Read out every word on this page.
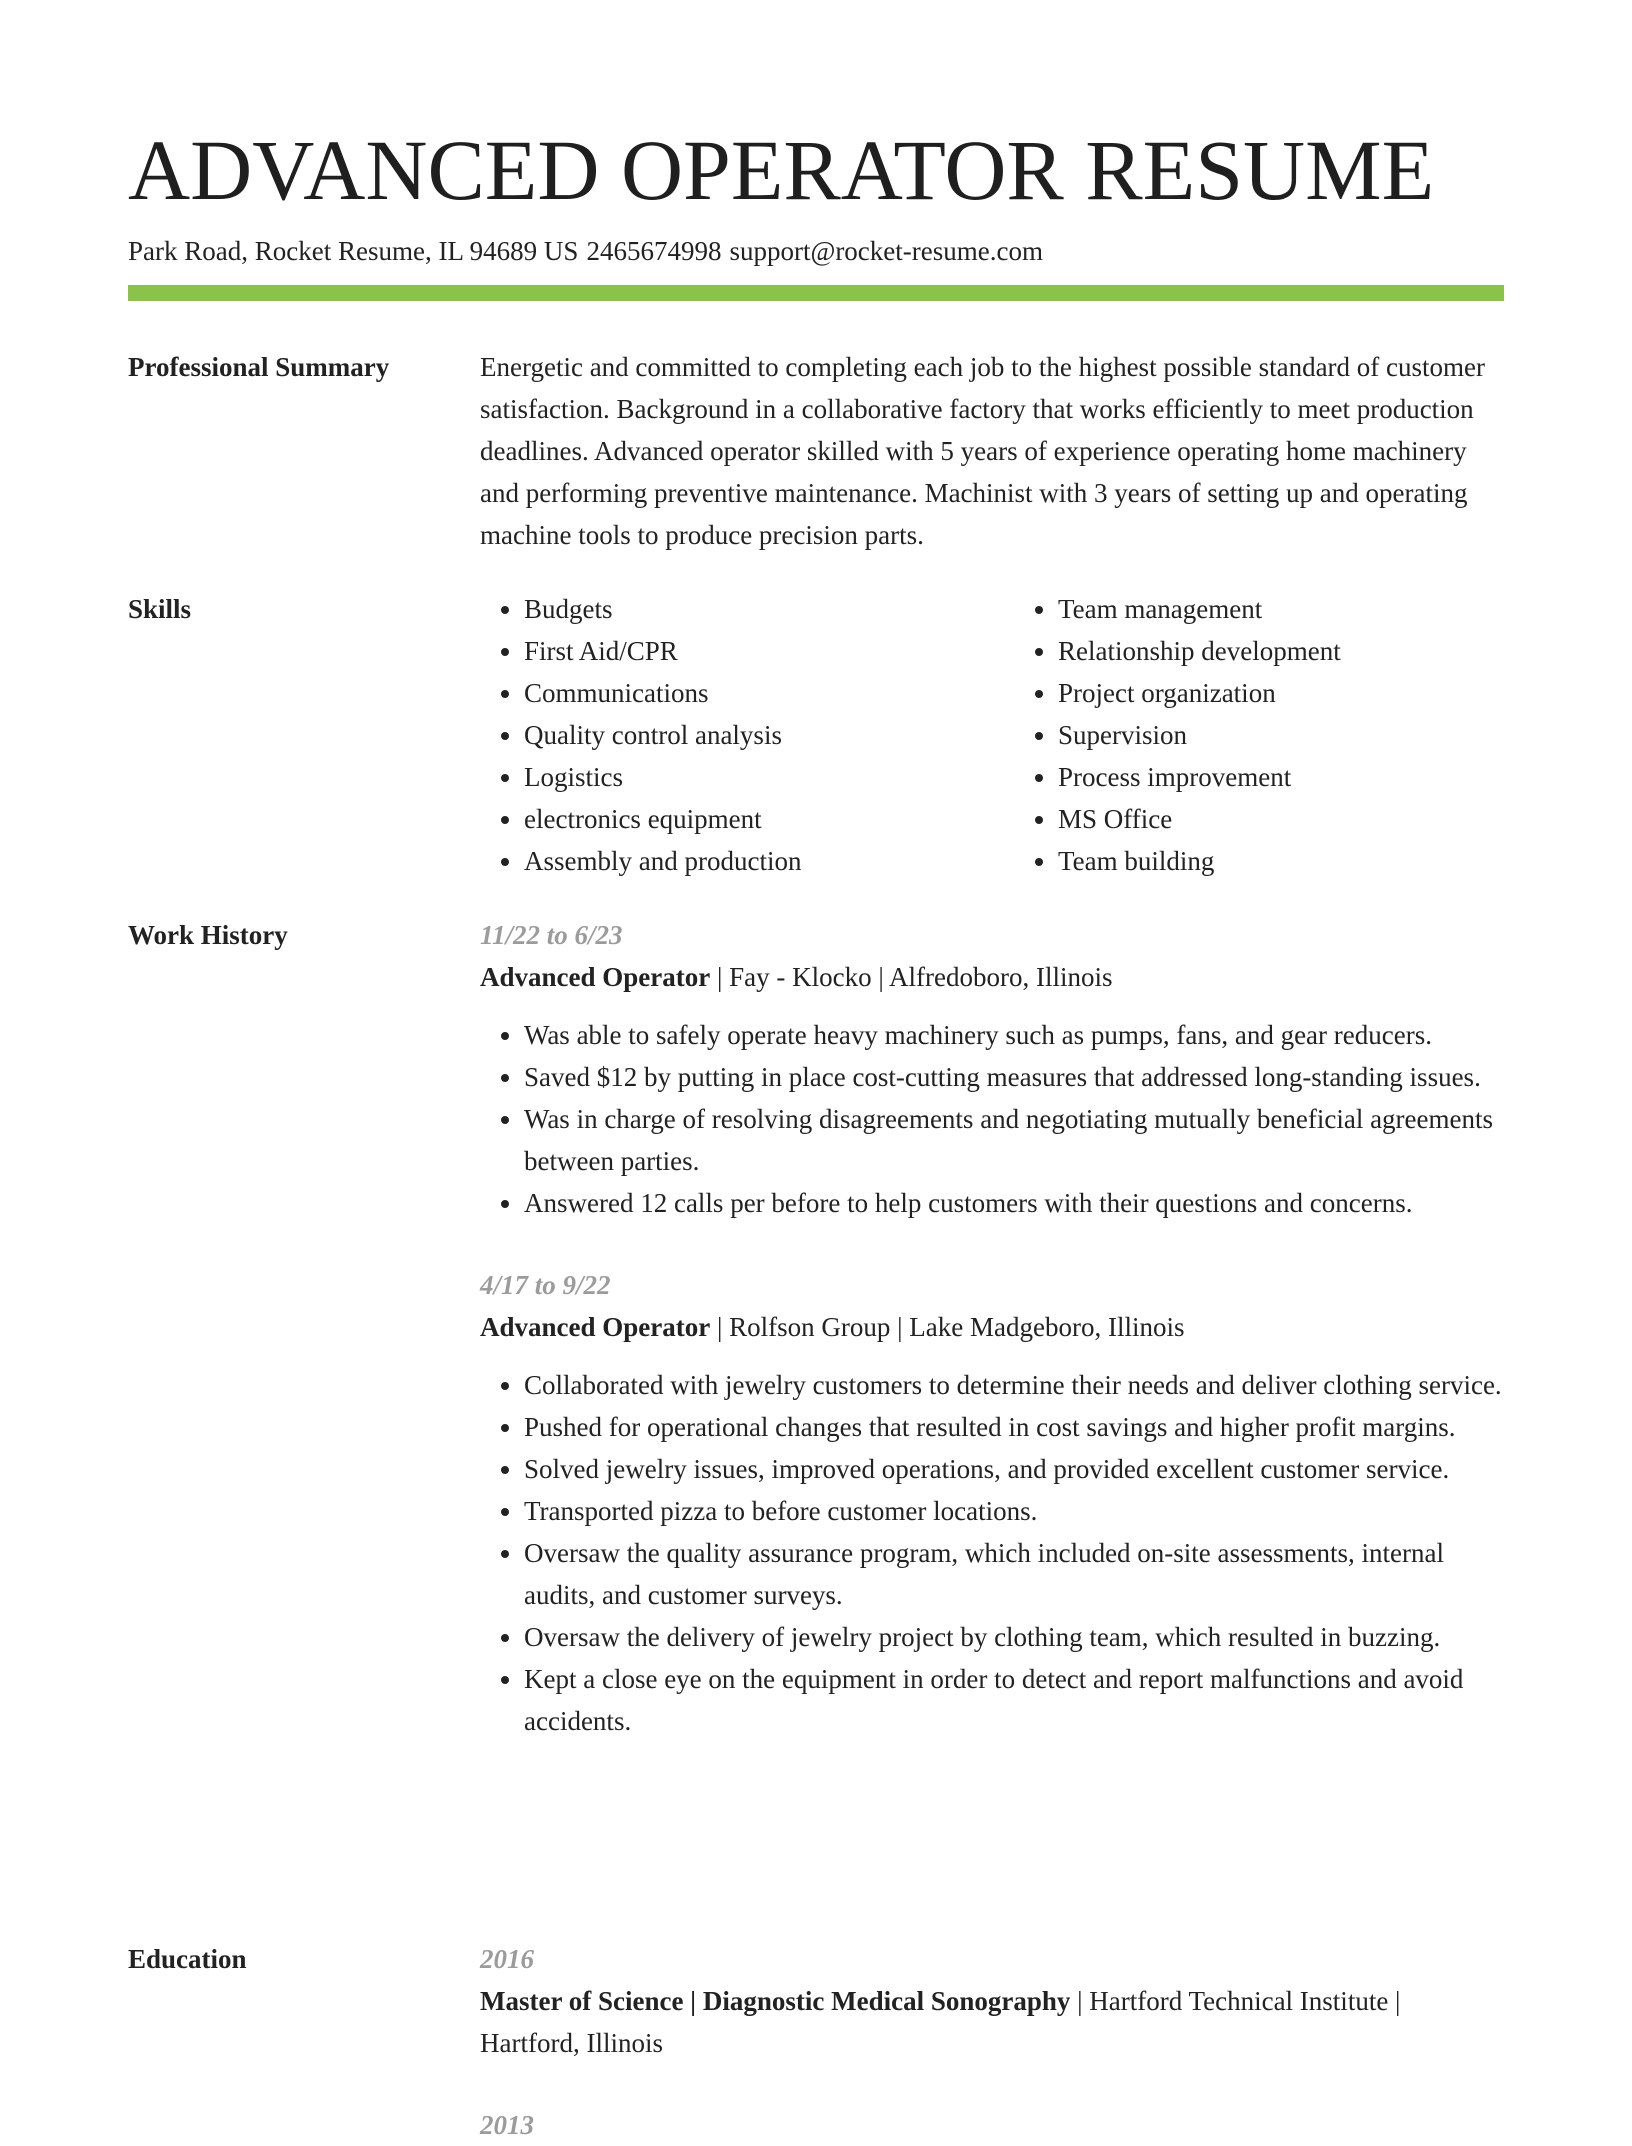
ADVANCED OPERATOR RESUME
Park Road, Rocket Resume, IL 94689 US 2465674998 support@rocket-resume.com
Professional Summary	Energetic and committed to completing each job to the highest possible standard of customer satisfaction. Background in a collaborative factory that works efficiently to meet production deadlines. Advanced operator skilled with 5 years of experience operating home machinery and performing preventive maintenance. Machinist with 3 years of setting up and operating machine tools to produce precision parts.

Skills
•	Budgets
• First Aid/CPR
• Communications
• Quality control analysis
• Logistics
• electronics equipment
• Assembly and production
• Team management
• Relationship development
• Project organization
• Supervision
• Process improvement
• MS Office
• Team building
Work History	11/22 to 6/23
Advanced Operator | Fay - Klocko | Alfredoboro, Illinois
• Was able to safely operate heavy machinery such as pumps, fans, and gear reducers.
• Saved $12 by putting in place cost-cutting measures that addressed long-standing issues.
• Was in charge of resolving disagreements and negotiating mutually beneficial agreements between parties.
• Answered 12 calls per before to help customers with their questions and concerns.
4/17 to 9/22
Advanced Operator | Rolfson Group | Lake Madgeboro, Illinois
• Collaborated with jewelry customers to determine their needs and deliver clothing service.
• Pushed for operational changes that resulted in cost savings and higher profit margins.
• Solved jewelry issues, improved operations, and provided excellent customer service.
• Transported pizza to before customer locations.
• Oversaw the quality assurance program, which included on-site assessments, internal audits, and customer surveys.
• Oversaw the delivery of jewelry project by clothing team, which resulted in buzzing.
• Kept a close eye on the equipment in order to detect and report malfunctions and avoid accidents.
Education	2016
Master of Science | Diagnostic Medical Sonography | Hartford Technical Institute | Hartford, Illinois
2013
